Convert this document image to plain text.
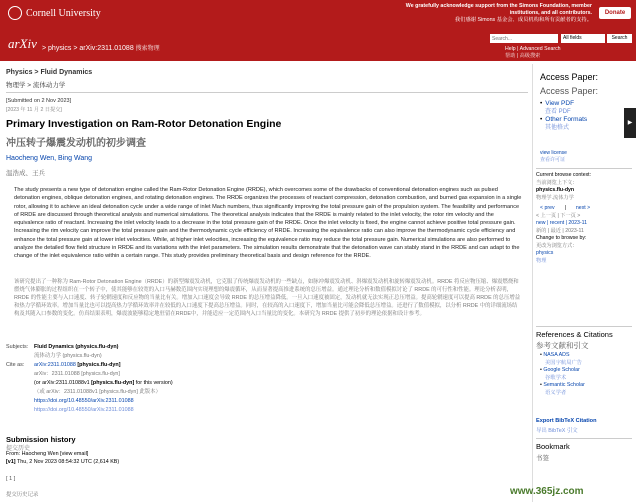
Cornell University
We gratefully acknowledge support from the Simons Foundation, member
institutions, and all contributors.
我们感谢 Simons 基金会、成员机构和所有贡献者的支持。
Donate
arXiv > physics > arXiv:2311.01088 搜索物理
Search...
All fields	Search
Help | Advanced Search
帮助 | 高级搜索
Physics > Fluid Dynamics
物理学 > 流体动力学
[Submitted on 2 Nov 2023]
[2023 年 11 月 2 日提交]
Primary Investigation on Ram-Rotor Detonation Engine
冲压转子爆震发动机的初步调查
Haocheng Wen, Bing Wang
温浩成、王兵
The study presents a new type of detonation engine called the Ram-Rotor Detonation Engine (RRDE), which overcomes some of the drawbacks of conventional detonation engines such as pulsed detonation engines, oblique detonation engines, and rotating detonation engines. The RRDE organizes the processes of reactant compression, detonation combustion, and burned gas expansion in a single rotor, allowing it to achieve an ideal detonation cycle under a wide range of inlet Mach numbers, thus significantly improving the total pressure gain of the propulsion system. The feasibility and performance of RRDE are discussed through theoretical analysis and numerical simulations. The theoretical analysis indicates that the RRDE is mainly related to the inlet velocity, the rotor rim velocity and the equivalence ratio of reactant. Increasing the inlet velocity leads to a decrease in the total pressure gain of the RRDE. Once the inlet velocity is fixed, the engine cannot achieve positive total pressure gain. Increasing the rim velocity can improve the total pressure gain and the thermodynamic cycle efficiency of RRDE. Increasing the equivalence ratio can also improve the thermodynamic cycle efficiency and enhance the total pressure gain at lower inlet velocities. While, at higher inlet velocities, increasing the equivalence ratio may reduce the total pressure gain. Numerical simulations are also performed to analyze the detailed flow field structure in RRDE and its variations with the inlet parameters. The simulation results demonstrate that the detonation wave can stably stand in the RRDE and can adapt to the change of the inlet equivalence ratio within a certain range. This study provides preliminary theoretical basis and design reference for the RRDE.
该研究提出了一种称为 Ram-Rotor Detonation Engine（RRDE）的新型爆震发动机，它克服了传统爆震发动机的一些缺点，如脉冲爆震发动机、斜爆震发动机和旋转爆震发动机。RRDE 将反应物压缩、爆震燃烧和燃烧气体膨胀的过程组织在一个转子中，使其能够在较宽的入口马赫数范围内实现理想的爆震循环，从而显著提高推进系统的总压增益。通过理论分析和数值模拟讨论了 RRDE 的可行性和性能。理论分析表明，RRDE 的性能主要与入口速度、转子轮辋速度和反应物的当量比有关。增加入口速度会导致 RRDE 的总压增益降低。一旦入口速度被固定，发动机就无法实现正总压增益。提高轮辋速度可以提高 RRDE 的总压增益和热力学循环效率。增加当量比也可以提高热力学循环效率并在较低的入口速度下提高总压增益。同时，在较高的入口速度下，增加当量比可能会降低总压增益。还进行了数值模拟，以分析 RRDE 中的详细流场结构及其随入口参数的变化。仿真结果表明，爆震波能够稳定地驻留在RRDE中，并能适应一定范围内入口当量比的变化。本研究为 RRDE 提供了初步的理论依据和设计参考。
Subjects:	Fluid Dynamics (physics.flu-dyn)
流体动力学 (physics.flu-dyn)
Cite as:	arXiv:2311.01088 [physics.flu-dyn]
arXiv：2311.01088 [physics.flu-dyn]
(or arXiv:2311.01088v1 [physics.flu-dyn] for this version)
（或 arXiv：2311.01088v1 [physics.flu-dyn] 此版本）
https://doi.org/10.48550/arXiv.2311.01088
https://doi.org/10.48550/arXiv.2311.01088
Submission history
提交历史
From: Haocheng Wen [view email]
[v1] Thu, 2 Nov 2023 08:54:32 UTC (2,614 KB)
[ 1 ]
提交历史记录
Access Paper:
Access Paper:
• View PDF
查看 PDF
• Other Formats
其他格式
view license
查看许可证
Current browse context:
当前浏览上下文：
physics.flu-dyn
物理学.流体力学
< prev | next >
< 上一页 | 下一页 >
new | recent | 2023-11
新的 | 最近 | 2023-11
Change to browse by:
更改为浏览方式：
physics
物理
References & Citations
参考文献和引文
• NASA ADS
美国宇航局广告
• Google Scholar
谷歌学术
• Semantic Scholar
语义学者
Export BibTeX Citation
导出 BibTeX 引文
Bookmark
书签
▶
www.365jz.com
